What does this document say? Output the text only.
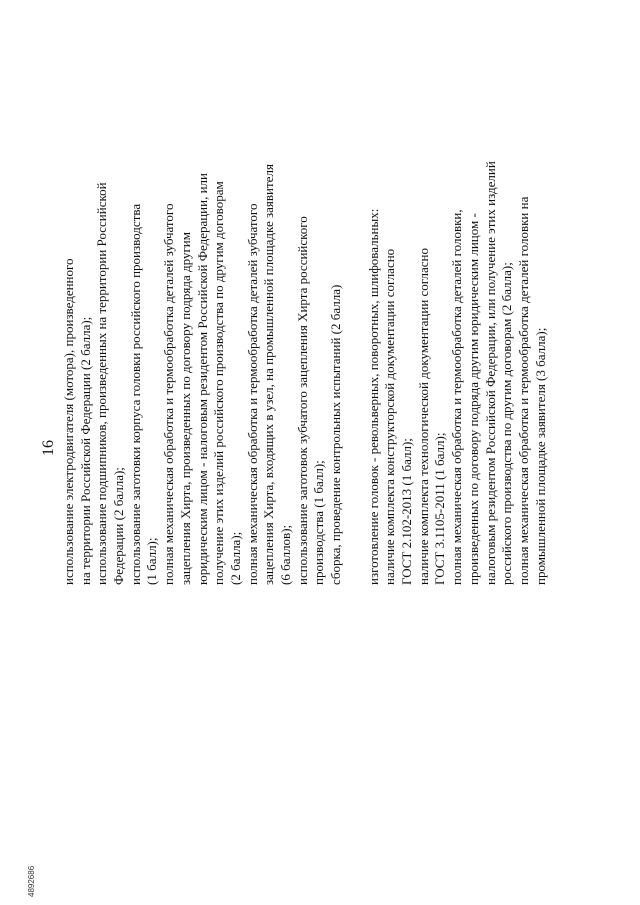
16 использование электродвигателя (мотора), произведенного на территории Российской Федерации (2 балла); использование подшипников, произведенных на территории Российской Федерации (2 балла); использование заготовки корпуса головки российского производства (1 балл); полная механическая обработка и термообработка деталей зубчатого зацепления Хирта, произведенных по договору подряда другим юридическим лицом - налоговым резидентом Российской Федерации, или получение этих изделий российского производства по другим договорам (2 балла); полная механическая обработка и термообработка деталей зубчатого зацепления Хирта, входящих в узел, на промышленной площадке заявителя (6 баллов); использование заготовок зубчатого зацепления Хирта российского производства (1 балл); сборка, проведение контрольных испытаний (2 балла) изготовление головок - револьверных, поворотных, шлифовальных: наличие комплекта конструкторской документации согласно ГОСТ 2.102-2013 (1 балл); наличие комплекта технологической документации согласно ГОСТ 3.1105-2011 (1 балл); полная механическая обработка и термообработка деталей головки, произведенных по договору подряда другим юридическим лицом - налоговым резидентом Российской Федерации, или получение этих изделий российского производства по другим договорам (2 балла); полная механическая обработка и термообработка деталей головки на промышленной площадке заявителя (3 балла);
4892686
